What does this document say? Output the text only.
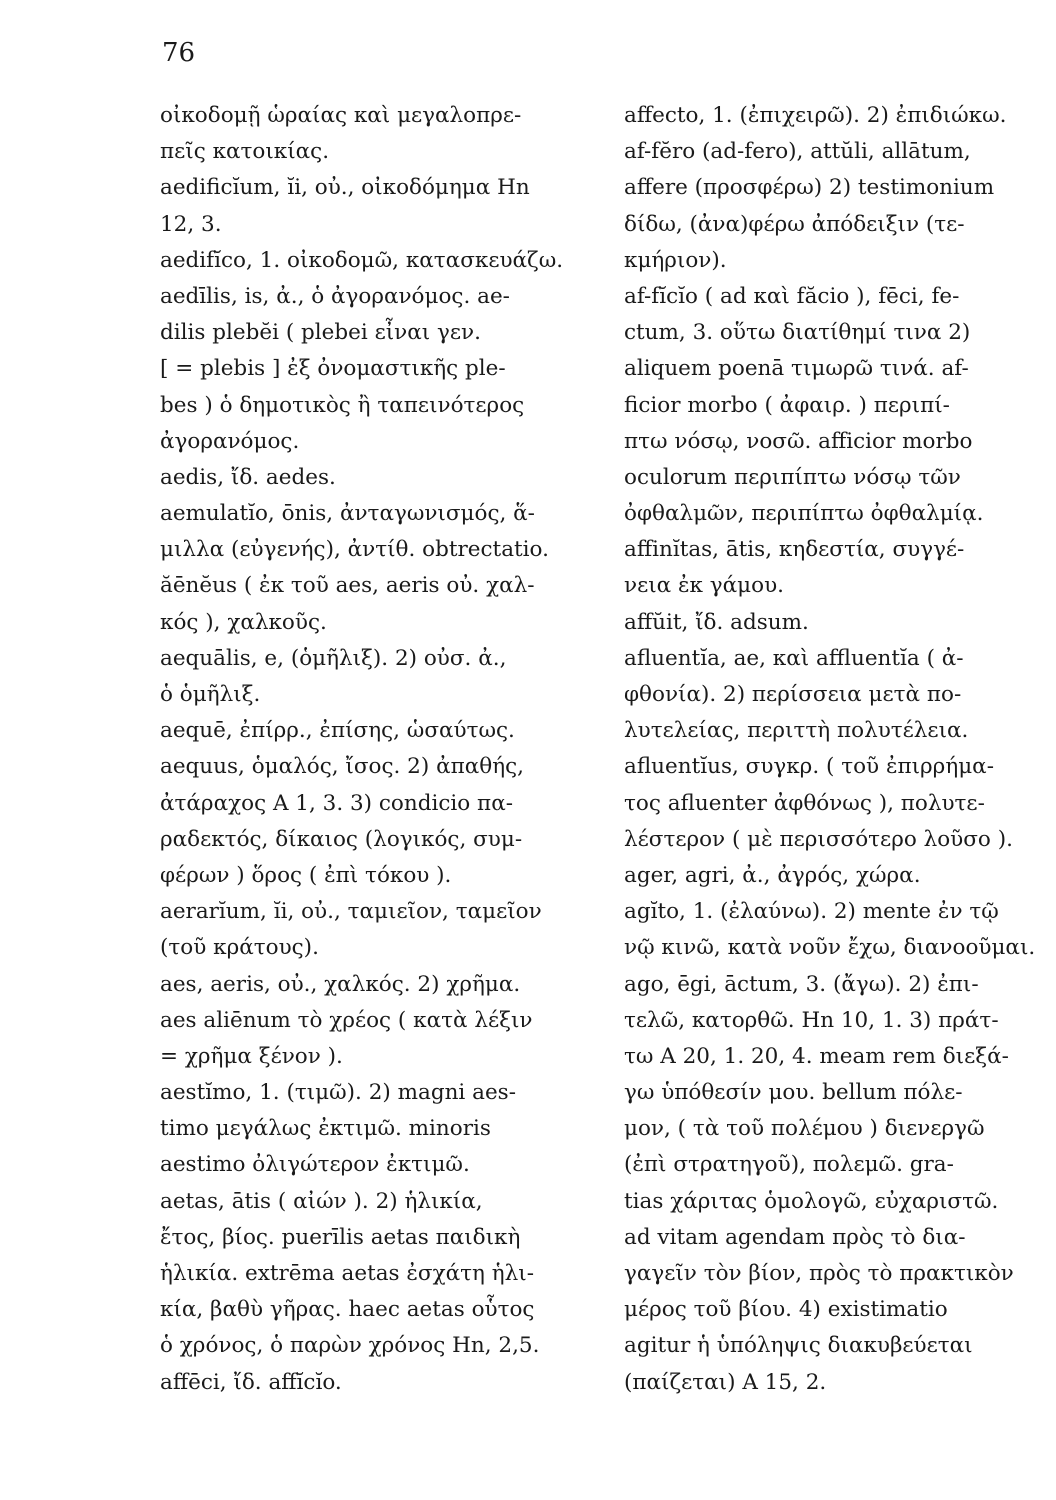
76
οἰκοδομῇ ὡραίας καὶ μεγαλοπρε-
πεῖς κατοικίας.
aedificĭum, ĭi, οὐ., οἰκοδόμημα Hn
12, 3.
aedifĭco, 1. οἰκοδομῶ, κατασκευάζω.
aedīlis, is, ἀ., ὁ ἀγορανόμος. ae-
dilis plebĕi ( plebei εἶναι γεν.
[ = plebis ] ἐξ ὀνομαστικῆς ple-
bes ) ὁ δημοτικὸς ἢ ταπεινότερος
ἀγορανόμος.
aedis, ἴδ. aedes.
aemulatĭo, ōnis, ἀνταγωνισμός, ἅ-
μιλλα (εὐγενής), ἀντίθ. obtrectatio.
ăēnĕus ( ἐκ τοῦ aes, aeris οὐ. χαλ-
κός ), χαλκοῦς.
aequālis, e, (ὁμῆλιξ). 2) οὐσ. ἀ.,
ὁ ὁμῆλιξ.
aequē, ἐπίρρ., ἐπίσης, ὡσαύτως.
aequus, ὁμαλός, ἴσος. 2) ἀπαθής,
ἀτάραχος A 1, 3. 3) condicio πα-
ραδεκτός, δίκαιος (λογικός, συμ-
φέρων ) ὅρος ( ἐπὶ τόκου ).
aerarĭum, ĭi, οὐ., ταμιεῖον, ταμεῖον
(τοῦ κράτους).
aes, aeris, οὐ., χαλκός. 2) χρῆμα.
aes aliēnum τὸ χρέος ( κατὰ λέξιν
= χρῆμα ξένον ).
aestĭmo, 1. (τιμῶ). 2) magni aes-
timo μεγάλως ἐκτιμῶ. minoris
aestimo ὀλιγώτερον ἐκτιμῶ.
aetas, ātis ( αἰών ). 2) ἡλικία,
ἔτος, βίος. puerīlis aetas παιδικὴ
ἡλικία. extrēma aetas ἐσχάτη ἡλι-
κία, βαθὺ γῆρας. haec aetas οὗτος
ὁ χρόνος, ὁ παρὼν χρόνος Hn, 2,5.
affēci, ἴδ. affĭcĭo.
affecto, 1. (ἐπιχειρῶ). 2) ἐπιδιώκω.
af-fĕro (ad-fero), attŭli, allātum,
affere (προσφέρω) 2) testimonium
δίδω, (ἀνα)φέρω ἀπόδειξιν (τε-
κμήριον).
af-fĭcĭo ( ad καὶ făcio ), fēci, fe-
ctum, 3. οὕτω διατίθημί τινα 2)
aliquem poenā τιμωρῶ τινά. af-
ficior morbo ( ἀφαιρ. ) περιπί-
πτω νόσῳ, νοσῶ. afficior morbo
oculorum περιπίπτω νόσῳ τῶν
ὀφθαλμῶν, περιπίπτω ὀφθαλμίᾳ.
affinĭtas, ātis, κηδεστία, συγγέ-
νεια ἐκ γάμου.
affŭit, ἴδ. adsum.
afluentĭa, ae, καὶ affluentĭa ( ἀ-
φθονία). 2) περίσσεια μετὰ πο-
λυτελείας, περιττὴ πολυτέλεια.
afluentĭus, συγκρ. ( τοῦ ἐπιρρήμα-
τος afluenter ἀφθόνως ), πολυτε-
λέστερον ( μὲ περισσότερο λοῦσο ).
ager, agri, ἀ., ἀγρός, χώρα.
agĭto, 1. (ἐλαύνω). 2) mente ἐν τῷ
νῷ κινῶ, κατὰ νοῦν ἔχω, διανοοῦμαι.
ago, ēgi, āctum, 3. (ἄγω). 2) ἐπι-
τελῶ, κατορθῶ. Hn 10, 1. 3) πράτ-
τω A 20, 1. 20, 4. meam rem διεξά-
γω ὑπόθεσίν μου. bellum πόλε-
μον, ( τὰ τοῦ πολέμου ) διενεργῶ
(ἐπὶ στρατηγοῦ), πολεμῶ. gra-
tias χάριτας ὁμολογῶ, εὐχαριστῶ.
ad vitam agendam πρὸς τὸ δια-
γαγεῖν τὸν βίον, πρὸς τὸ πρακτικὸν
μέρος τοῦ βίου. 4) existimatio
agitur ἡ ὑπόληψις διακυβεύεται
(παίζεται) A 15, 2.
